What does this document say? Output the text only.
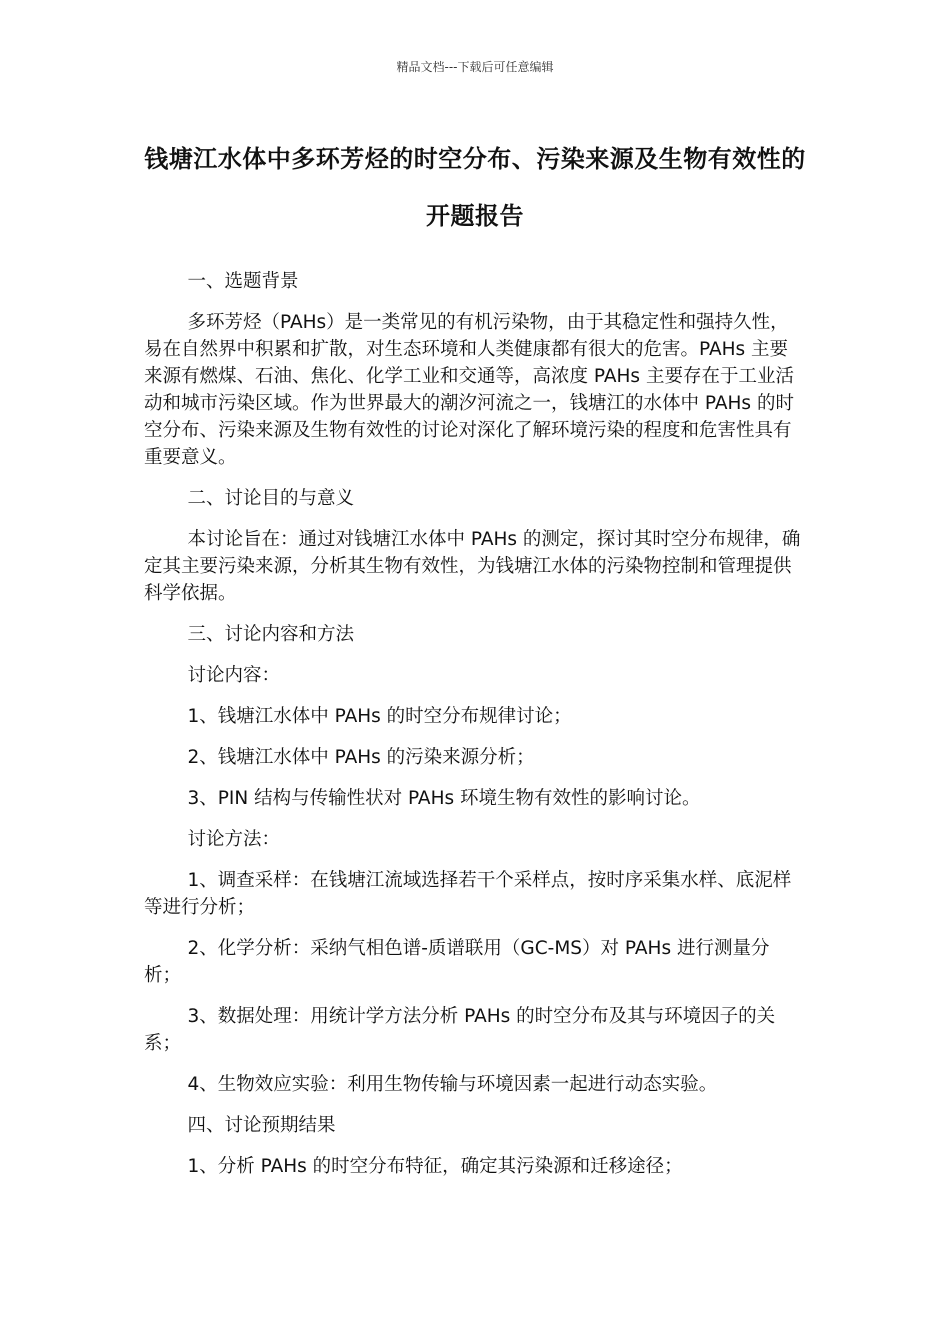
精品文档---下载后可任意编辑
钱塘江水体中多环芳烃的时空分布、污染来源及生物有效性的开题报告

一、选题背景

多环芳烃（PAHs）是一类常见的有机污染物，由于其稳定性和强持久性，易在自然界中积累和扩散，对生态环境和人类健康都有很大的危害。PAHs 主要来源有燃煤、石油、焦化、化学工业和交通等，高浓度 PAHs 主要存在于工业活动和城市污染区域。作为世界最大的潮汐河流之一，钱塘江的水体中 PAHs 的时空分布、污染来源及生物有效性的讨论对深化了解环境污染的程度和危害性具有重要意义。

二、讨论目的与意义

本讨论旨在：通过对钱塘江水体中 PAHs 的测定，探讨其时空分布规律，确定其主要污染来源，分析其生物有效性，为钱塘江水体的污染物控制和管理提供科学依据。

三、讨论内容和方法

讨论内容：

1、钱塘江水体中 PAHs 的时空分布规律讨论；

2、钱塘江水体中 PAHs 的污染来源分析；

3、PIN 结构与传输性状对 PAHs 环境生物有效性的影响讨论。

讨论方法：

1、调查采样：在钱塘江流域选择若干个采样点，按时序采集水样、底泥样等进行分析；

2、化学分析：采纳气相色谱-质谱联用（GC-MS）对 PAHs 进行测量分析；

3、数据处理：用统计学方法分析 PAHs 的时空分布及其与环境因子的关系；

4、生物效应实验：利用生物传输与环境因素一起进行动态实验。

四、讨论预期结果

1、分析 PAHs 的时空分布特征，确定其污染源和迁移途径；
